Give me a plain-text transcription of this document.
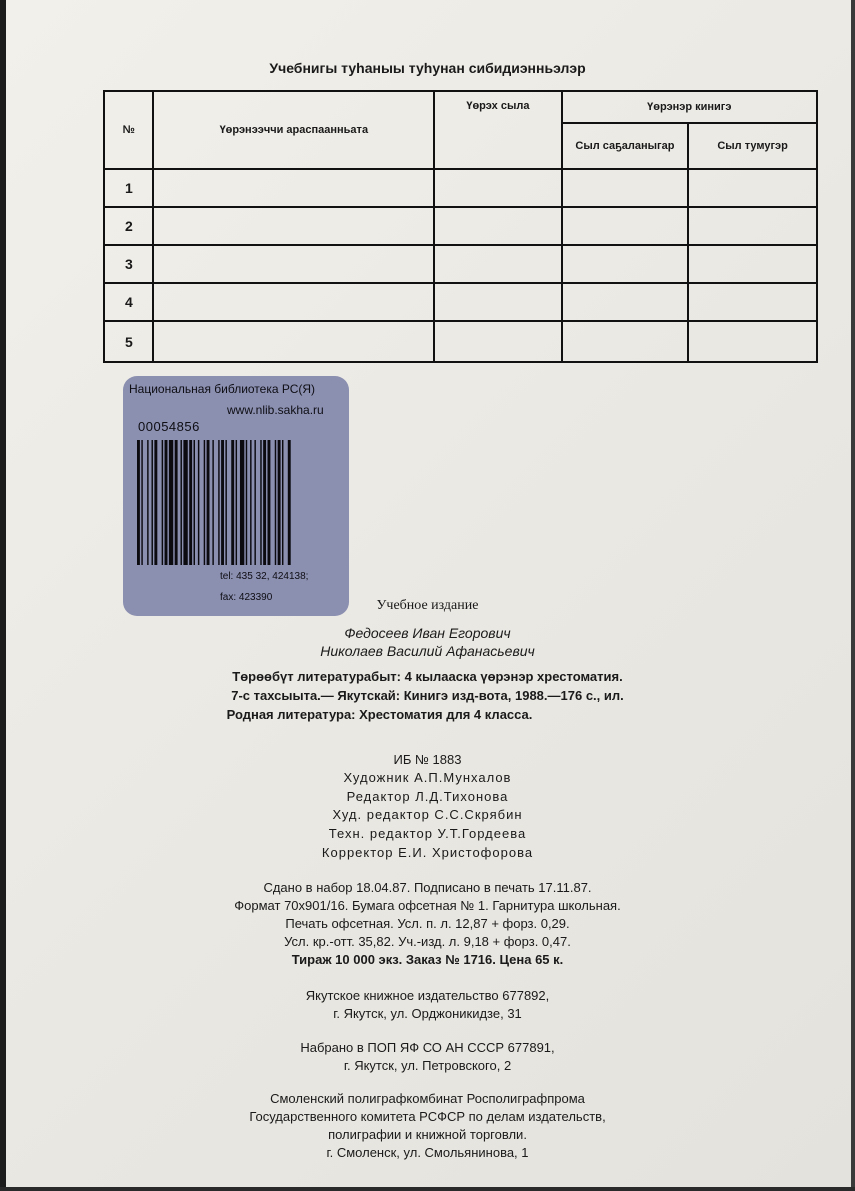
Учебнигы туһаныы туһунан сибидиэнньэлэр
№	Үөрэнээччи араспаанньата	Үөрэх сыла	Үөрэнэр кинигэ	
			Сыл саҕаланыгар	Сыл тумугэр
1				
2				
3				
4				
5				
Национальная библиотека РС(Я)
www.nlib.sakha.ru
00054856
tel: 435 32, 424138;
fax: 423390
Учебное издание
Федосеев Иван Егорович
Николаев Василий Афанасьевич
Төрөөбүт литературабыт: 4 кылааска үөрэнэр хрестоматия.
7-с тахсыыта.— Якутскай: Кинигэ изд-вота, 1988.—176 с., ил.
Родная литература: Хрестоматия для 4 класса.
ИБ № 1883
Художник А.П.Мунхалов
Редактор Л.Д.Тихонова
Худ. редактор С.С.Скрябин
Техн. редактор У.Т.Гордеева
Корректор Е.И. Христофорова
Сдано в набор 18.04.87. Подписано в печать 17.11.87.
Формат 70х901/16. Бумага офсетная № 1. Гарнитура школьная.
Печать офсетная. Усл. п. л. 12,87 + форз. 0,29.
Усл. кр.-отт. 35,82. Уч.-изд. л. 9,18 + форз. 0,47.
Тираж 10 000 экз. Заказ № 1716. Цена 65 к.
Якутское книжное издательство 677892,
г. Якутск, ул. Орджоникидзе, 31
Набрано в ПОП ЯФ СО АН СССР 677891,
г. Якутск, ул. Петровского, 2
Смоленский полиграфкомбинат Росполиграфпрома
Государственного комитета РСФСР по делам издательств,
полиграфии и книжной торговли.
г. Смоленск, ул. Смольянинова, 1
